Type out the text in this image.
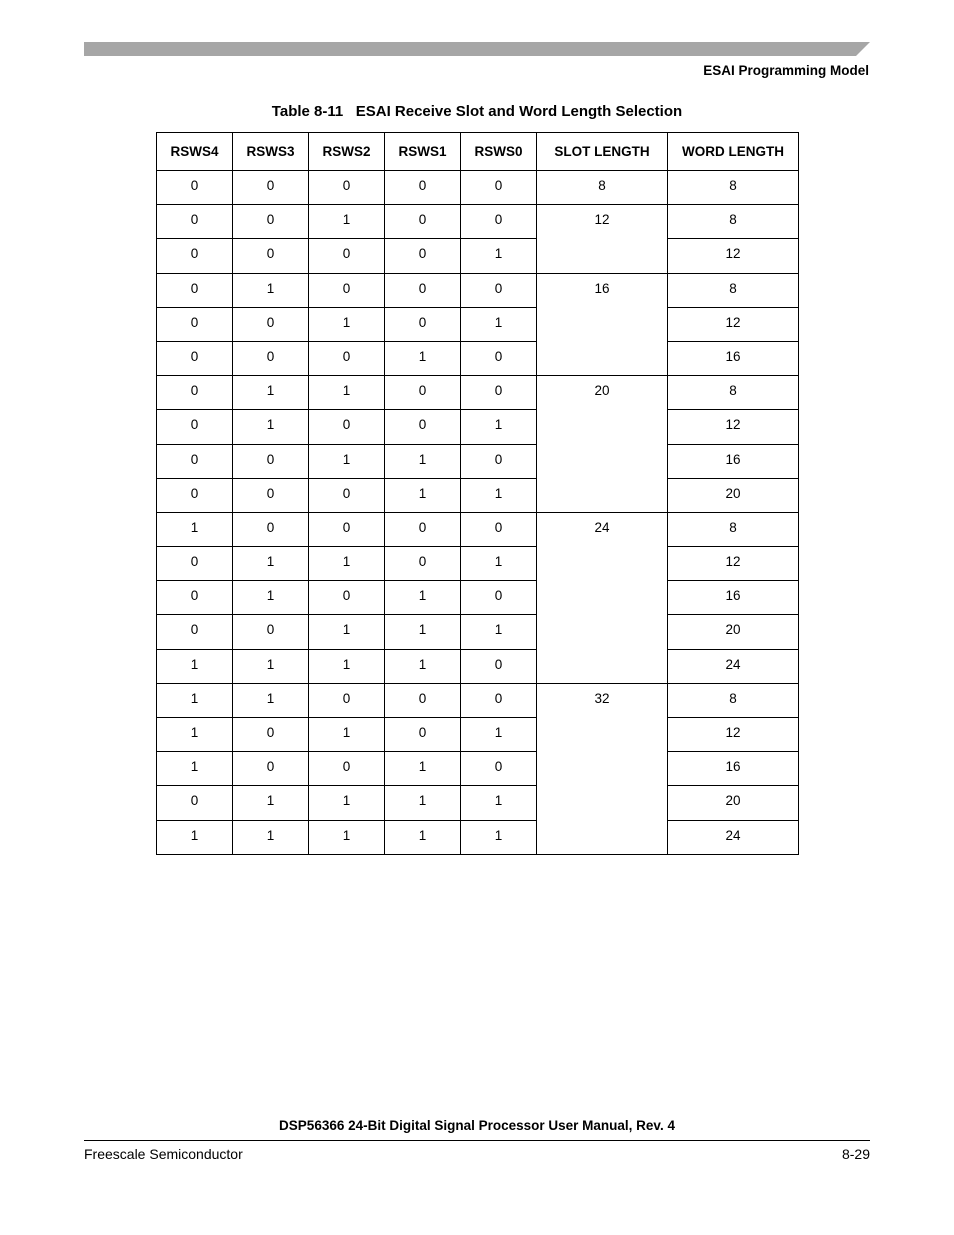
ESAI Programming Model
Table 8-11   ESAI Receive Slot and Word Length Selection
RSWS4	RSWS3	RSWS2	RSWS1	RSWS0	SLOT LENGTH	WORD LENGTH
0	0	0	0	0	8	8
0	0	1	0	0	12	8
0	0	0	0	1		12
0	1	0	0	0	16	8
0	0	1	0	1		12
0	0	0	1	0		16
0	1	1	0	0	20	8
0	1	0	0	1		12
0	0	1	1	0		16
0	0	0	1	1		20
1	0	0	0	0	24	8
0	1	1	0	1		12
0	1	0	1	0		16
0	0	1	1	1		20
1	1	1	1	0		24
1	1	0	0	0	32	8
1	0	1	0	1		12
1	0	0	1	0		16
0	1	1	1	1		20
1	1	1	1	1		24
DSP56366 24-Bit Digital Signal Processor User Manual, Rev. 4
Freescale Semiconductor	8-29
